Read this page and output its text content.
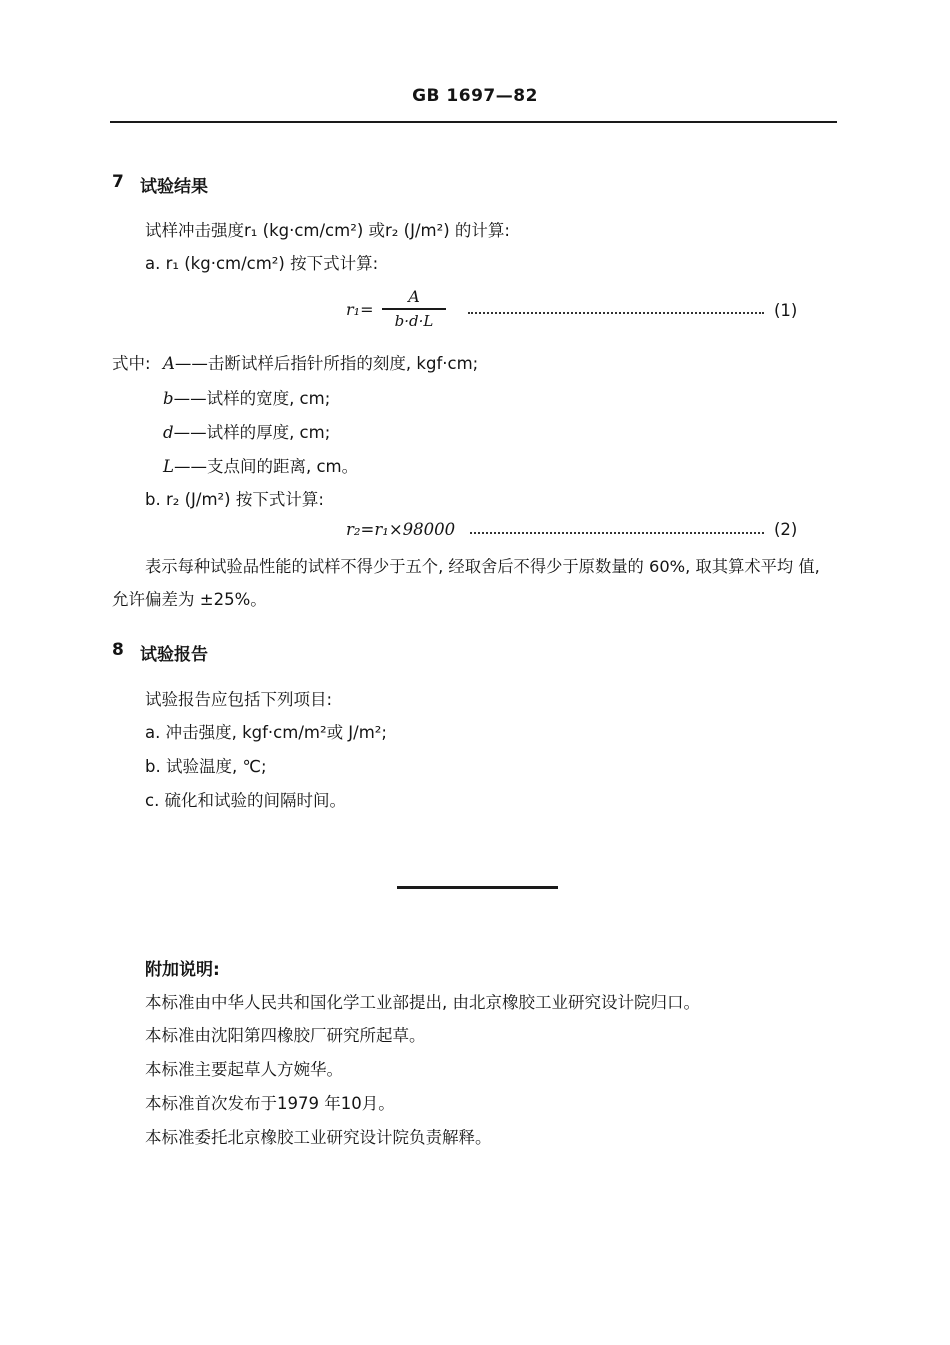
GB 1697—82
7 试验结果
试样冲击强度r₁ (kg·cm/cm²) 或r₂ (J/m²) 的计算:
a. r₁ (kg·cm/cm²) 按下式计算:
r₁=
A
b·d·L
(1)
式中: A——击断试样后指针所指的刻度, kgf·cm;
b——试样的宽度, cm;
d——试样的厚度, cm;
L——支点间的距离, cm。
b. r₂ (J/m²) 按下式计算:
r₂=r₁×98000	(2)
表示每种试验品性能的试样不得少于五个, 经取舍后不得少于原数量的 60%, 取其算术平均 值,
允许偏差为 ±25%。
8 试验报告
试验报告应包括下列项目:
a. 冲击强度, kgf·cm/m²或 J/m²;
b. 试验温度, ℃;
c. 硫化和试验的间隔时间。
附加说明:
本标准由中华人民共和国化学工业部提出, 由北京橡胶工业研究设计院归口。
本标准由沈阳第四橡胶厂研究所起草。
本标准主要起草人方婉华。
本标准首次发布于1979 年10月。
本标准委托北京橡胶工业研究设计院负责解释。
